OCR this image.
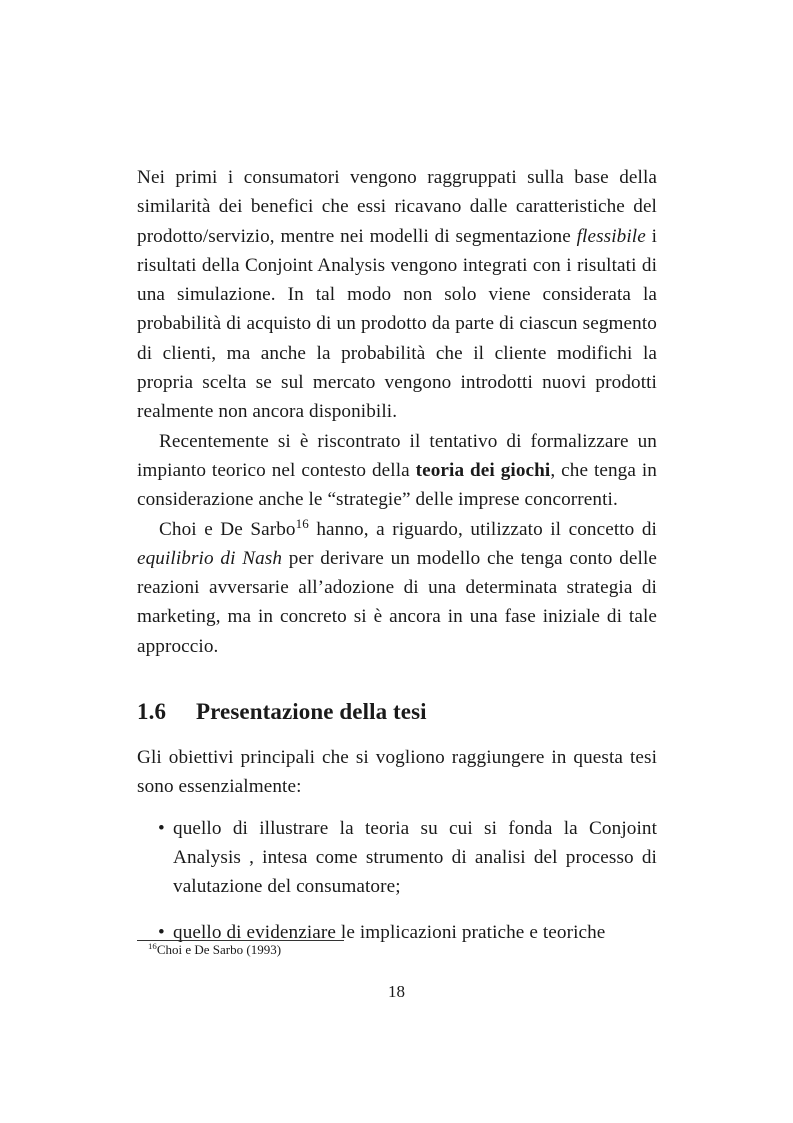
Nei primi i consumatori vengono raggruppati sulla base della similarità dei benefici che essi ricavano dalle caratteristiche del prodotto/servizio, mentre nei modelli di segmentazione flessibile i risultati della Conjoint Analysis vengono integrati con i risultati di una simulazione. In tal modo non solo viene considerata la probabilità di acquisto di un prodotto da parte di ciascun segmento di clienti, ma anche la probabilità che il cliente modifichi la propria scelta se sul mercato vengono introdotti nuovi prodotti realmente non ancora disponibili.

Recentemente si è riscontrato il tentativo di formalizzare un impianto teorico nel contesto della teoria dei giochi, che tenga in considerazione anche le “strategie” delle imprese concorrenti.

Choi e De Sarbo$^{16}$ hanno, a riguardo, utilizzato il concetto di equilibrio di Nash per derivare un modello che tenga conto delle reazioni avversarie all’adozione di una determinata strategia di marketing, ma in concreto si è ancora in una fase iniziale di tale approccio.

1.6	Presentazione della tesi

Gli obiettivi principali che si vogliono raggiungere in questa tesi sono essenzialmente:

• quello di illustrare la teoria su cui si fonda la Conjoint Analysis , intesa come strumento di analisi del processo di valutazione del consumatore;
• quello di evidenziare le implicazioni pratiche e teoriche
$^{16}$Choi e De Sarbo (1993)
18
